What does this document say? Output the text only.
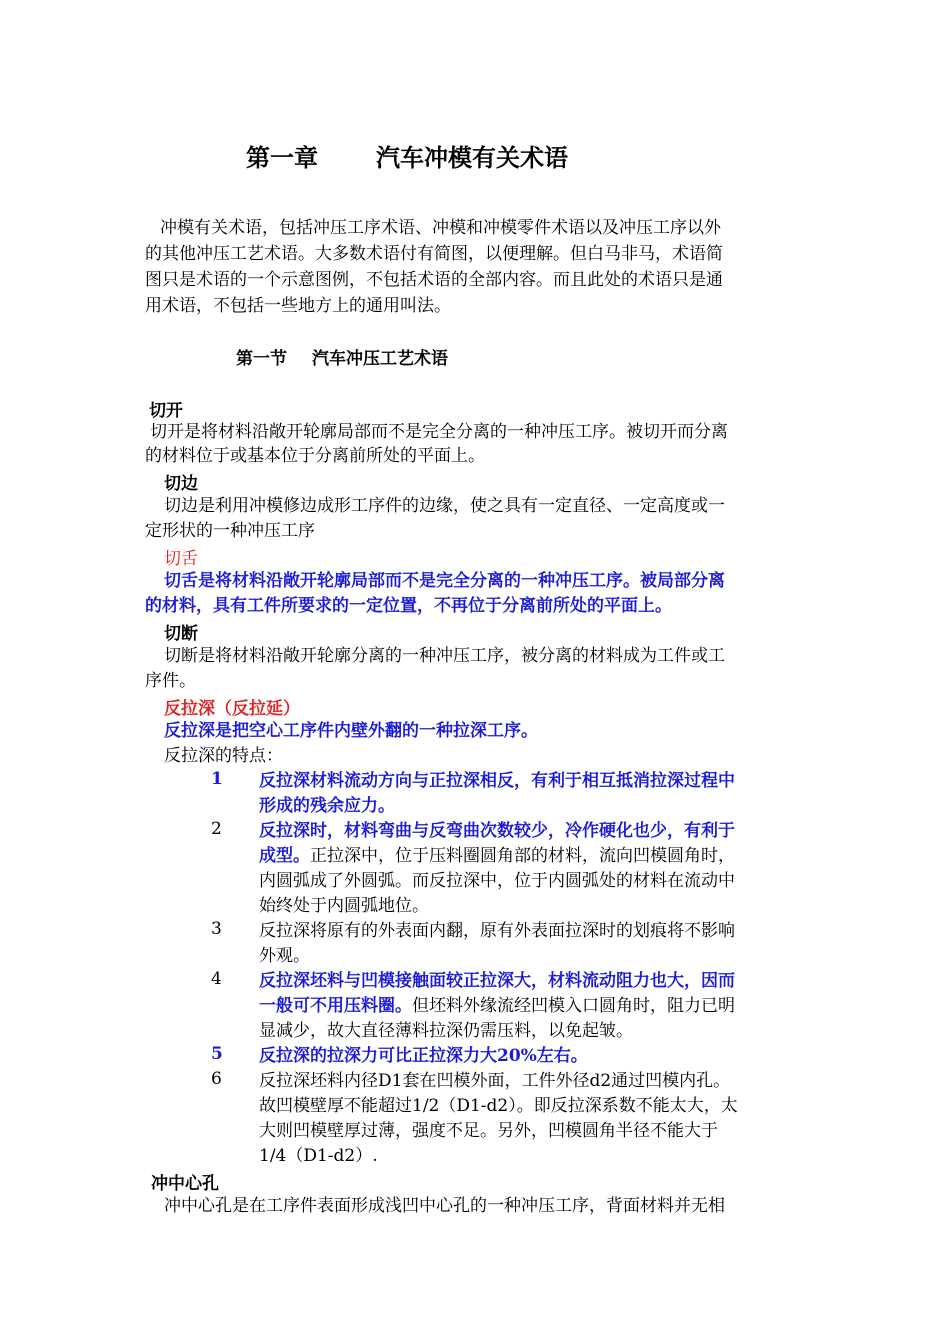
第一章 汽车冲模有关术语
冲模有关术语，包括冲压工序术语、冲模和冲模零件术语以及冲压工序以外
的其他冲压工艺术语。大多数术语付有简图，以便理解。但白马非马，术语简
图只是术语的一个示意图例，不包括术语的全部内容。而且此处的术语只是通
用术语，不包括一些地方上的通用叫法。
第一节 汽车冲压工艺术语
切开
切开是将材料沿敞开轮廓局部而不是完全分离的一种冲压工序。被切开而分离
的材料位于或基本位于分离前所处的平面上。
切边
切边是利用冲模修边成形工序件的边缘，使之具有一定直径、一定高度或一
定形状的一种冲压工序
切舌
切舌是将材料沿敞开轮廓局部而不是完全分离的一种冲压工序。被局部分离
的材料，具有工件所要求的一定位置，不再位于分离前所处的平面上。
切断
切断是将材料沿敞开轮廓分离的一种冲压工序，被分离的材料成为工件或工
序件。
反拉深（反拉延）
反拉深是把空心工序件内壁外翻的一种拉深工序。
反拉深的特点：
1 反拉深材料流动方向与正拉深相反，有利于相互抵消拉深过程中
形成的残余应力。
2 反拉深时，材料弯曲与反弯曲次数较少，冷作硬化也少，有利于
成型。正拉深中，位于压料圈圆角部的材料，流向凹模圆角时，
内圆弧成了外圆弧。而反拉深中，位于内圆弧处的材料在流动中
始终处于内圆弧地位。
3 反拉深将原有的外表面内翻，原有外表面拉深时的划痕将不影响
外观。
4 反拉深坯料与凹模接触面较正拉深大，材料流动阻力也大，因而
一般可不用压料圈。但坯料外缘流经凹模入口圆角时，阻力已明
显减少，故大直径薄料拉深仍需压料，以免起皱。
5 反拉深的拉深力可比正拉深力大20%左右。
6 反拉深坯料内径D1套在凹模外面，工件外径d2通过凹模内孔。
故凹模壁厚不能超过1/2（D1-d2）。即反拉深系数不能太大，太
大则凹模壁厚过薄，强度不足。另外，凹模圆角半径不能大于
1/4（D1-d2）.
冲中心孔
冲中心孔是在工序件表面形成浅凹中心孔的一种冲压工序，背面材料并无相
